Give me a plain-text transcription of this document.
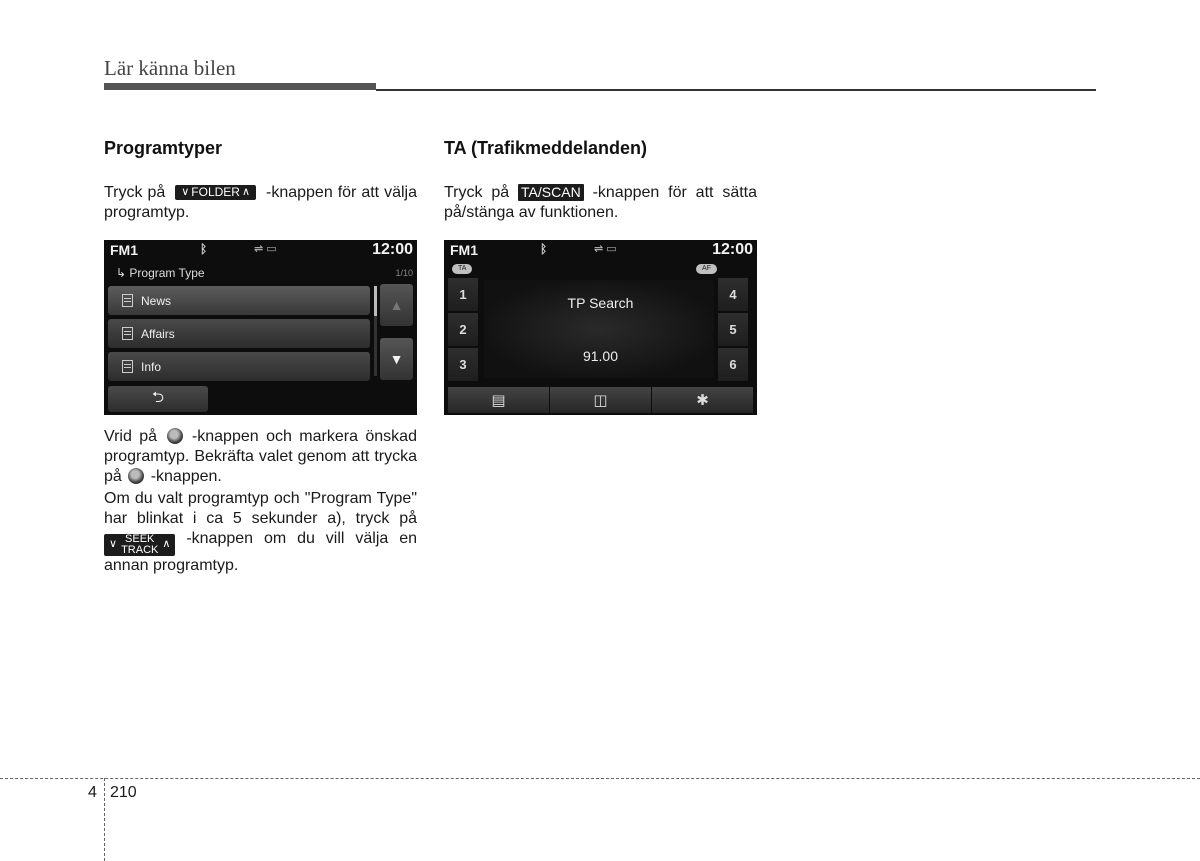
Lär känna bilen
Programtyper

Tryck på ∨ FOLDER ∧ -knappen för att välja programtyp.

FM1	ᛒ	⇌ ▭	12:00
↳ Program Type	1/10
News
Affairs
Info
▲
▼
⮌

Vrid på -knappen och markera önskad programtyp. Bekräfta valet genom att trycka på -knappen.

Om du valt programtyp och "Program Type" har blinkat i ca 5 sekunder a), tryck på
∨ SEEK
TRACK ∧ -knappen om du vill välja en annan programtyp.

TA (Trafikmeddelanden)

Tryck på TA/SCAN -knappen för att sätta på/stänga av funktionen.

FM1	ᛒ	⇌ ▭	12:00
TA	AF
TP Search
91.00
1
2
3
4
5
6
▤	◫	✱
4 210
